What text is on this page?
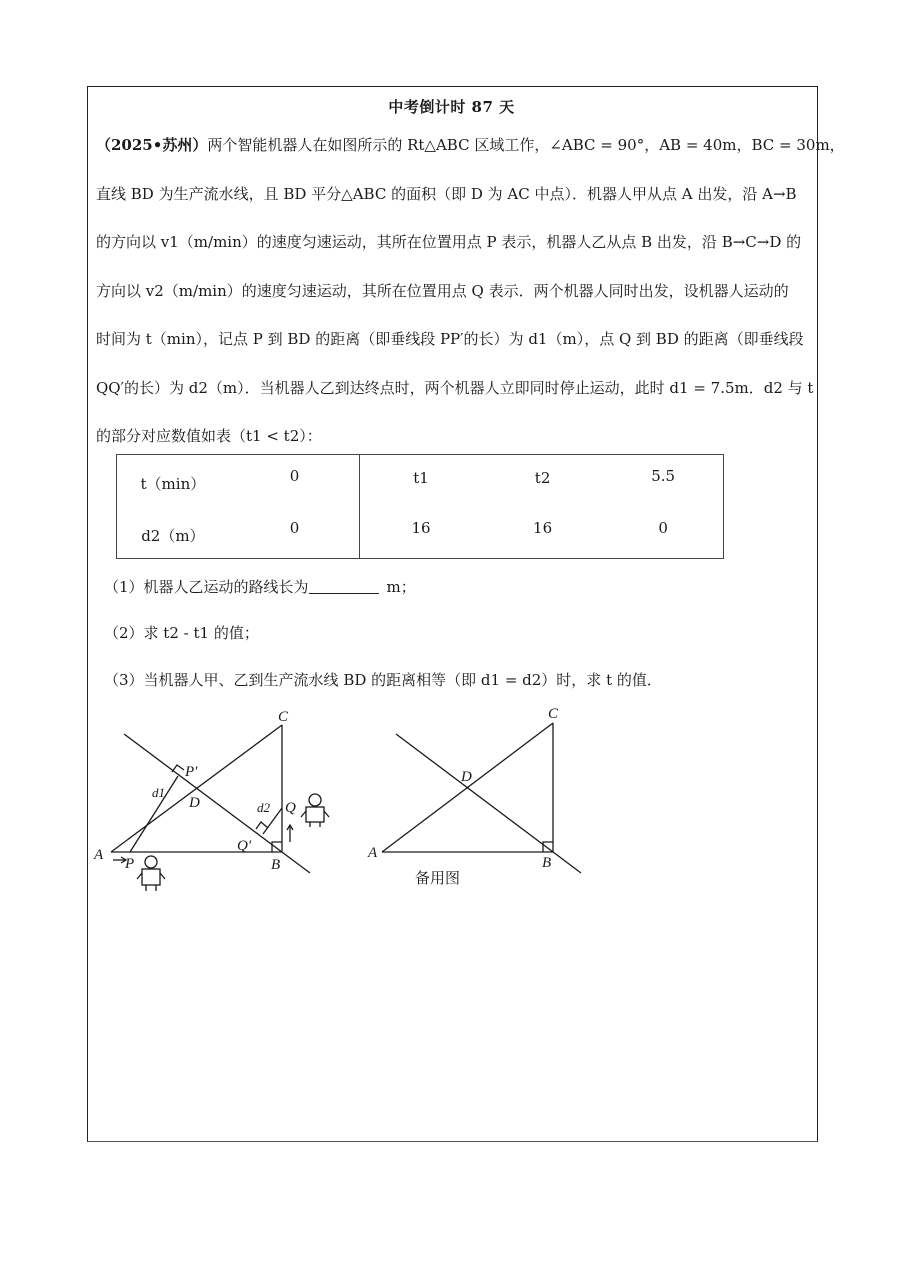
中考倒计时 87 天

（2025•苏州）两个智能机器人在如图所示的 Rt△ABC 区域工作，∠ABC = 90°，AB = 40m，BC = 30m，

直线 BD 为生产流水线，且 BD 平分△ABC 的面积（即 D 为 AC 中点）．机器人甲从点 A 出发，沿 A→B

的方向以 v1（m/min）的速度匀速运动，其所在位置用点 P 表示，机器人乙从点 B 出发，沿 B→C→D 的

方向以 v2（m/min）的速度匀速运动，其所在位置用点 Q 表示．两个机器人同时出发，设机器人运动的

时间为 t（min），记点 P 到 BD 的距离（即垂线段 PP′的长）为 d1（m），点 Q 到 BD 的距离（即垂线段

QQ′的长）为 d2（m）．当机器人乙到达终点时，两个机器人立即同时停止运动，此时 d1 = 7.5m．d2 与 t

的部分对应数值如表（t1 < t2）：

t（min）	0	t1	t2	5.5
d2（m）	0	16	16	0
（1）机器人乙运动的路线长为	m；
（2）求 t2 - t1 的值；
（3）当机器人甲、乙到生产流水线 BD 的距离相等（即 d1 = d2）时，求 t 的值．
A
B
C
D
P
P′
Q
Q′
d1
d2
A
B
C
D
备用图
